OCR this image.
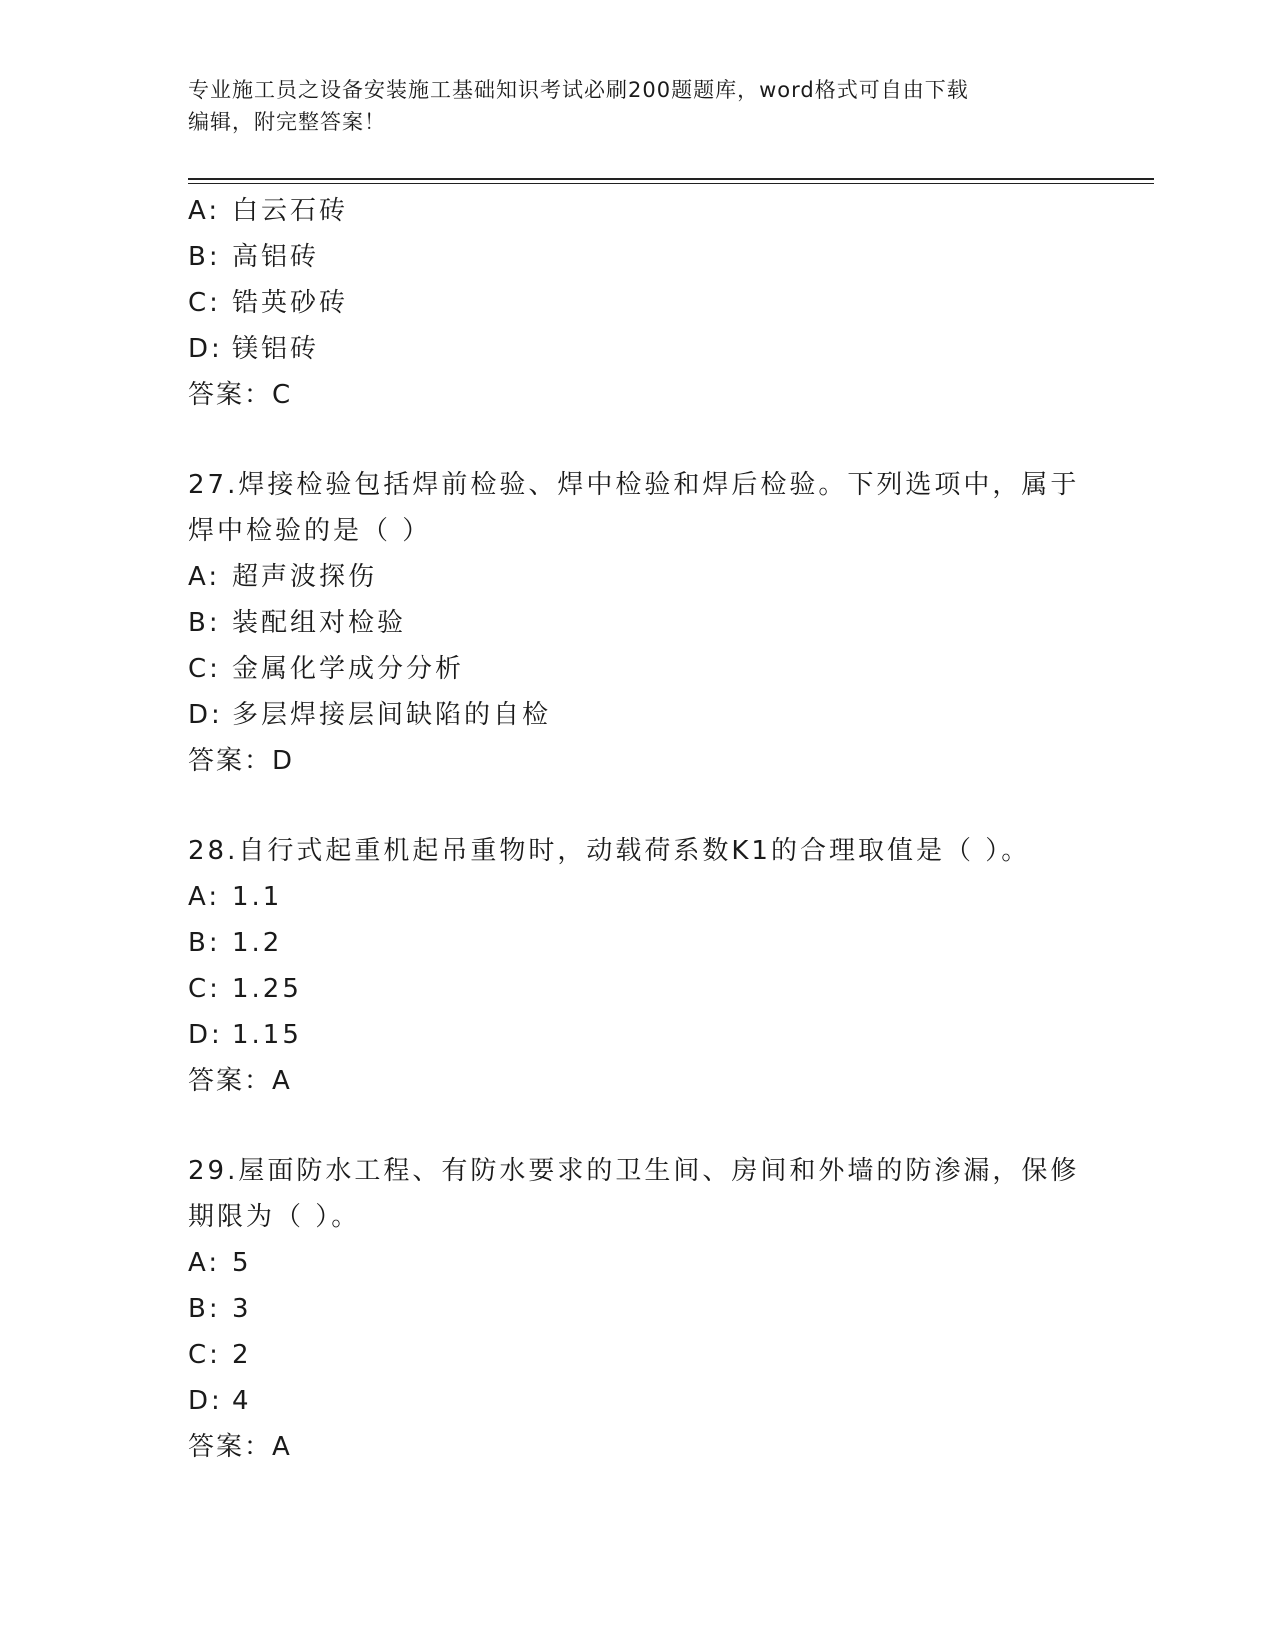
专业施工员之设备安装施工基础知识考试必刷200题题库，word格式可自由下载
编辑，附完整答案！
A: 白云石砖
B: 高铝砖
C: 锆英砂砖
D: 镁铝砖
答案：C
27.焊接检验包括焊前检验、焊中检验和焊后检验。下列选项中，属于
焊中检验的是（ ）
A: 超声波探伤
B: 装配组对检验
C: 金属化学成分分析
D: 多层焊接层间缺陷的自检
答案：D
28.自行式起重机起吊重物时，动载荷系数K1的合理取值是（ ）。
A: 1.1
B: 1.2
C: 1.25
D: 1.15
答案：A
29.屋面防水工程、有防水要求的卫生间、房间和外墙的防渗漏，保修
期限为（ ）。
A: 5
B: 3
C: 2
D: 4
答案：A
